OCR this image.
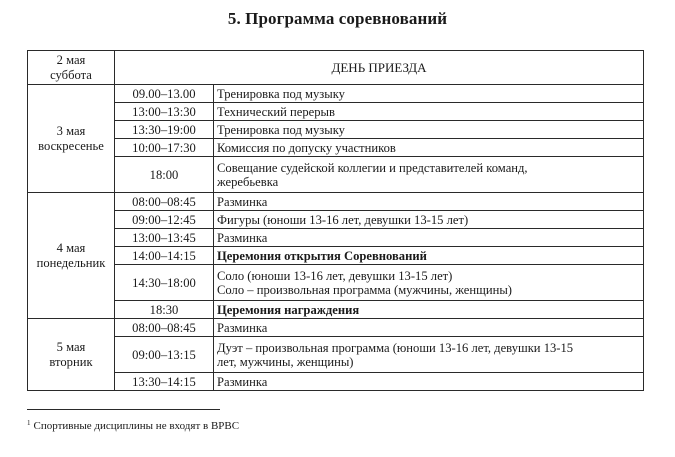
5. Программа соревнований
2 мая
суббота	ДЕНЬ ПРИЕЗДА	

3 мая
воскресенье	09.00–13.00	Тренировка под музыку
	13:00–13:30	Технический перерыв
	13:30–19:00	Тренировка под музыку
	10:00–17:30	Комиссия по допуску участников
	18:00	Совещание судейской коллегии и представителей команд,
жеребьевка

4 мая
понедельник	08:00–08:45	Разминка
	09:00–12:45	Фигуры (юноши 13-16 лет, девушки 13-15 лет)
	13:00–13:45	Разминка
	14:00–14:15	Церемония открытия Соревнований
	14:30–18:00	Соло (юноши 13-16 лет, девушки 13-15 лет)
Соло – произвольная программа (мужчины, женщины)

	18:30	Церемония награждения

5 мая
вторник	08:00–08:45	Разминка
	09:00–13:15	Дуэт – произвольная программа (юноши 13-16 лет, девушки 13-15
лет, мужчины, женщины)

	13:30–14:15	Разминка
$^1$ Спортивные дисциплины не входят в ВРВС
